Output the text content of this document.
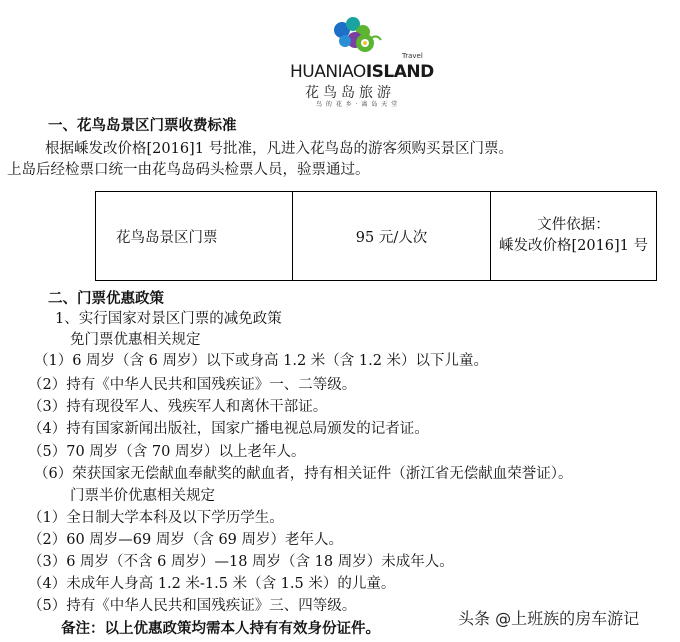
Travel
HUANIAOISLAND
花鸟岛旅游
鸟 的 花 乡 · 离 岛 天 堂
一、花鸟岛景区门票收费标准
根据嵊发改价格[2016]1 号批准，凡进入花鸟岛的游客须购买景区门票。
上岛后经检票口统一由花鸟岛码头检票人员，验票通过。
花鸟岛景区门票	95 元/人次
文件依据：
嵊发改价格[2016]1 号
二、门票优惠政策
1、实行国家对景区门票的减免政策
免门票优惠相关规定
（1）6 周岁（含 6 周岁）以下或身高 1.2 米（含 1.2 米）以下儿童。
（2）持有《中华人民共和国残疾证》一、二等级。
（3）持有现役军人、残疾军人和离休干部证。
（4）持有国家新闻出版社，国家广播电视总局颁发的记者证。
（5）70 周岁（含 70 周岁）以上老年人。
（6）荣获国家无偿献血奉献奖的献血者，持有相关证件（浙江省无偿献血荣誉证）。
门票半价优惠相关规定
（1）全日制大学本科及以下学历学生。
（2）60 周岁—69 周岁（含 69 周岁）老年人。
（3）6 周岁（不含 6 周岁）—18 周岁（含 18 周岁）未成年人。
（4）未成年人身高 1.2 米-1.5 米（含 1.5 米）的儿童。
（5）持有《中华人民共和国残疾证》三、四等级。
备注：以上优惠政策均需本人持有有效身份证件。
头条 @上班族的房车游记
